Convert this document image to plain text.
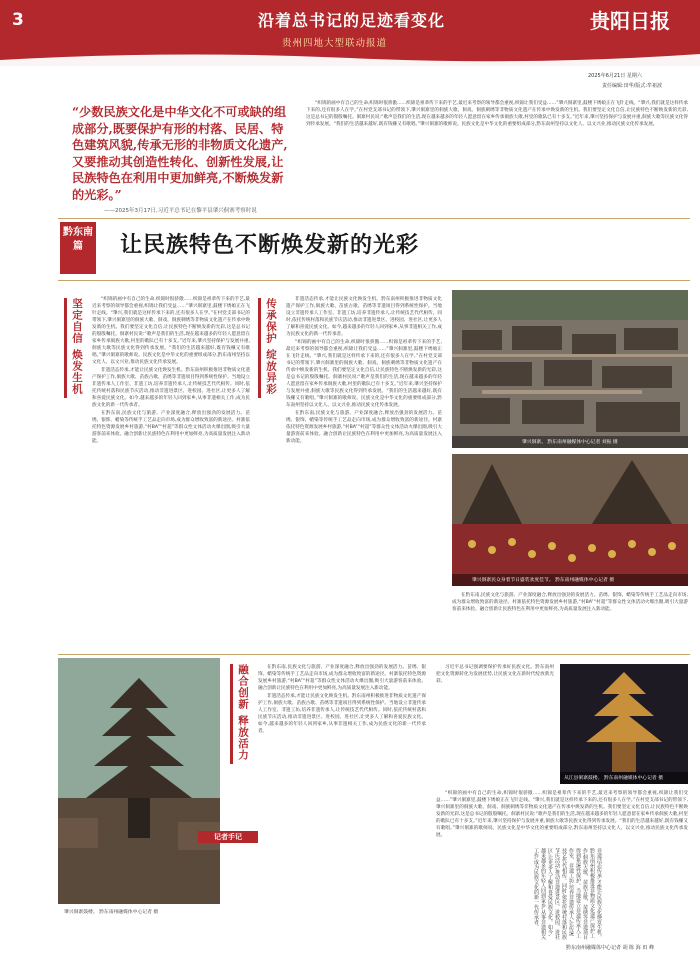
3	沿着总书记的足迹看变化
贵州四地大型联动报道
贵阳日报
2025年6月21日 星期六
责任编辑:田华/版式:牟祖波
“少数民族文化是中华文化不可或缺的组成部分,既要保护有形的村落、民居、特色建筑风貌,传承无形的非物质文化遗产,又要推动其创造性转化、创新性发展,让民族特色在利用中更加鲜亮,不断焕发新的光彩。”
——2025年3月17日,习近平总书记在黎平县肇兴侗寨考察时说

“织锦的画中有自己的生命,织锦时很骄傲……织锦是祖辈传下来的手艺,最近来考察的领导都会重视,织锦让我们受益……”肇兴侗寨里,鼓楼下绣娘正在飞针走线。“肇兴,我们就是这样传承下来的,还有很多人在学。”在村党支部书记的带领下,肇兴侗寨里的侗族大歌、侗戏、侗族刺绣等非物质文化遗产在传承中焕发新的生机。我们要坚定文化自信,让民族特色不断焕发新的光彩,这是总书记的殷殷嘱托。侗寨村民说:“歌声是我们的生活,现在越来越多的年轻人愿意留在家乡传承侗族大歌,村里的歌队已有十多支。”近年来,肇兴坚持保护与发展并重,侗族大歌等民族文化得到传承发展。“我们的生活越来越好,既有钱赚又有歌唱。”肇兴侗寨的歌师说。民族文化是中华文化的重要组成部分,黔东南州坚持以文化人、以文兴业,推动民族文化传承发展。

黔东南篇	让民族特色不断焕发新的光彩
坚定自信 焕发生机	“织锦的画中有自己的生命,织锦时很骄傲……织锦是祖辈传下来的手艺,最近来考察的领导都会重视,织锦让我们受益……”肇兴侗寨里,鼓楼下绣娘正在飞针走线。“肇兴,我们就是这样传承下来的,还有很多人在学。”在村党支部书记的带领下,肇兴侗寨里的侗族大歌、侗戏、侗族刺绣等非物质文化遗产在传承中焕发新的生机。我们要坚定文化自信,让民族特色不断焕发新的光彩,这是总书记的殷殷嘱托。侗寨村民说:“歌声是我们的生活,现在越来越多的年轻人愿意留在家乡传承侗族大歌,村里的歌队已有十多支。”近年来,肇兴坚持保护与发展并重,侗族大歌等民族文化得到传承发展。“我们的生活越来越好,既有钱赚又有歌唱。”肇兴侗寨的歌师说。民族文化是中华文化的重要组成部分,黔东南州坚持以文化人、以文兴业,推动民族文化传承发展。

非遗活态传承,才能让民族文化焕发生机。黔东南州积极推进非物质文化遗产保护工作,侗族大歌、苗族古歌、苗绣等非遗项目得到系统性保护。当地设立非遗传承人工作室、非遗工坊,培养非遗传承人,让传统技艺代代相传。同时,依托传统村落和民族节庆活动,推动非遗进景区、进校园、进社区,让更多人了解和喜爱民族文化。如今,越来越多的年轻人回到家乡,从事非遗相关工作,成为民族文化的新一代传承者。

在黔东南,民族文化与旅游、产业深度融合,释放出强劲的发展活力。苗绣、银饰、蜡染等传统手工艺品走向市场,成为群众增收致富的新途径。村寨依托特色资源发展乡村旅游,“村BA”“村超”等群众性文体活动火爆出圈,吸引大量游客前来体验。融合创新让民族特色在利用中更加鲜亮,为高质量发展注入新动能。

传承保护 绽放异彩	非遗活态传承,才能让民族文化焕发生机。黔东南州积极推进非物质文化遗产保护工作,侗族大歌、苗族古歌、苗绣等非遗项目得到系统性保护。当地设立非遗传承人工作室、非遗工坊,培养非遗传承人,让传统技艺代代相传。同时,依托传统村落和民族节庆活动,推动非遗进景区、进校园、进社区,让更多人了解和喜爱民族文化。如今,越来越多的年轻人回到家乡,从事非遗相关工作,成为民族文化的新一代传承者。

“织锦的画中有自己的生命,织锦时很骄傲……织锦是祖辈传下来的手艺,最近来考察的领导都会重视,织锦让我们受益……”肇兴侗寨里,鼓楼下绣娘正在飞针走线。“肇兴,我们就是这样传承下来的,还有很多人在学。”在村党支部书记的带领下,肇兴侗寨里的侗族大歌、侗戏、侗族刺绣等非物质文化遗产在传承中焕发新的生机。我们要坚定文化自信,让民族特色不断焕发新的光彩,这是总书记的殷殷嘱托。侗寨村民说:“歌声是我们的生活,现在越来越多的年轻人愿意留在家乡传承侗族大歌,村里的歌队已有十多支。”近年来,肇兴坚持保护与发展并重,侗族大歌等民族文化得到传承发展。“我们的生活越来越好,既有钱赚又有歌唱。”肇兴侗寨的歌师说。民族文化是中华文化的重要组成部分,黔东南州坚持以文化人、以文兴业,推动民族文化传承发展。

在黔东南,民族文化与旅游、产业深度融合,释放出强劲的发展活力。苗绣、银饰、蜡染等传统手工艺品走向市场,成为群众增收致富的新途径。村寨依托特色资源发展乡村旅游,“村BA”“村超”等群众性文体活动火爆出圈,吸引大量游客前来体验。融合创新让民族特色在利用中更加鲜亮,为高质量发展注入新动能。	肇兴侗寨。 黔东南州融媒体中心记者 刘振 摄
肇兴侗寨民众身着节日盛装欢度佳节。 黔东南州融媒体中心记者 摄

在黔东南,民族文化与旅游、产业深度融合,释放出强劲的发展活力。苗绣、银饰、蜡染等传统手工艺品走向市场,成为群众增收致富的新途径。村寨依托特色资源发展乡村旅游,“村BA”“村超”等群众性文体活动火爆出圈,吸引大量游客前来体验。融合创新让民族特色在利用中更加鲜亮,为高质量发展注入新动能。

肇兴侗寨鼓楼。 黔东南州融媒体中心记者 摄
融合创新 释放活力	在黔东南,民族文化与旅游、产业深度融合,释放出强劲的发展活力。苗绣、银饰、蜡染等传统手工艺品走向市场,成为群众增收致富的新途径。村寨依托特色资源发展乡村旅游,“村BA”“村超”等群众性文体活动火爆出圈,吸引大量游客前来体验。融合创新让民族特色在利用中更加鲜亮,为高质量发展注入新动能。

非遗活态传承,才能让民族文化焕发生机。黔东南州积极推进非物质文化遗产保护工作,侗族大歌、苗族古歌、苗绣等非遗项目得到系统性保护。当地设立非遗传承人工作室、非遗工坊,培养非遗传承人,让传统技艺代代相传。同时,依托传统村落和民族节庆活动,推动非遗进景区、进校园、进社区,让更多人了解和喜爱民族文化。如今,越来越多的年轻人回到家乡,从事非遗相关工作,成为民族文化的新一代传承者。

从江县侗寨鼓楼。 黔东南州融媒体中心记者 摄

习近平总书记强调要保护传承好民族文化。黔东南州把文化资源转化为发展优势,让民族文化在新时代绽放新光彩。

“织锦的画中有自己的生命,织锦时很骄傲……织锦是祖辈传下来的手艺,最近来考察的领导都会重视,织锦让我们受益……”肇兴侗寨里,鼓楼下绣娘正在飞针走线。“肇兴,我们就是这样传承下来的,还有很多人在学。”在村党支部书记的带领下,肇兴侗寨里的侗族大歌、侗戏、侗族刺绣等非物质文化遗产在传承中焕发新的生机。我们要坚定文化自信,让民族特色不断焕发新的光彩,这是总书记的殷殷嘱托。侗寨村民说:“歌声是我们的生活,现在越来越多的年轻人愿意留在家乡传承侗族大歌,村里的歌队已有十多支。”近年来,肇兴坚持保护与发展并重,侗族大歌等民族文化得到传承发展。“我们的生活越来越好,既有钱赚又有歌唱。”肇兴侗寨的歌师说。民族文化是中华文化的重要组成部分,黔东南州坚持以文化人、以文兴业,推动民族文化传承发展。

记者手记
非遗活态传承,才能让民族文化焕发生机。黔东南州积极推进非物质文化遗产保护工作,侗族大歌、苗族古歌、苗绣等非遗项目得到系统性保护。当地设立非遗传承人工作室、非遗工坊,培养非遗传承人,让传统技艺代代相传。同时,依托传统村落和民族节庆活动,推动非遗进景区、进校园、进社区,让更多人了解和喜爱民族文化。如今,越来越多的年轻人回到家乡,从事非遗相关工作,成为民族文化的新一代传承者。
黔东南州融媒体中心记者 胡 陈 海 田 峰
